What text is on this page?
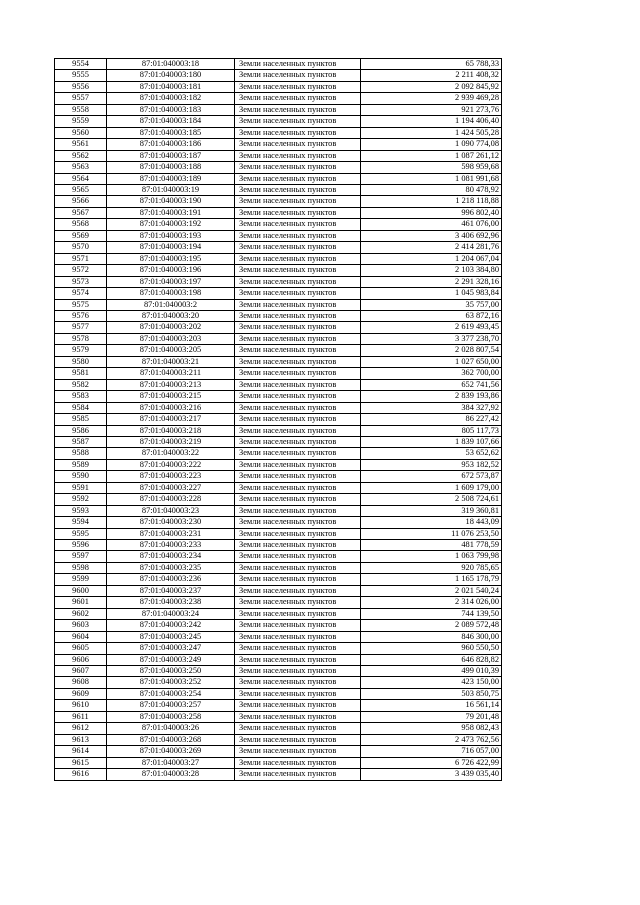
9554	87:01:040003:18	Земли населенных пунктов	65 788,33
9555	87:01:040003:180	Земли населенных пунктов	2 211 408,32
9556	87:01:040003:181	Земли населенных пунктов	2 092 845,92
9557	87:01:040003:182	Земли населенных пунктов	2 939 469,28
9558	87:01:040003:183	Земли населенных пунктов	921 273,76
9559	87:01:040003:184	Земли населенных пунктов	1 194 406,40
9560	87:01:040003:185	Земли населенных пунктов	1 424 505,28
9561	87:01:040003:186	Земли населенных пунктов	1 090 774,08
9562	87:01:040003:187	Земли населенных пунктов	1 087 261,12
9563	87:01:040003:188	Земли населенных пунктов	598 959,68
9564	87:01:040003:189	Земли населенных пунктов	1 081 991,68
9565	87:01:040003:19	Земли населенных пунктов	80 478,92
9566	87:01:040003:190	Земли населенных пунктов	1 218 118,88
9567	87:01:040003:191	Земли населенных пунктов	996 802,40
9568	87:01:040003:192	Земли населенных пунктов	461 076,00
9569	87:01:040003:193	Земли населенных пунктов	3 406 692,96
9570	87:01:040003:194	Земли населенных пунктов	2 414 281,76
9571	87:01:040003:195	Земли населенных пунктов	1 204 067,04
9572	87:01:040003:196	Земли населенных пунктов	2 103 384,80
9573	87:01:040003:197	Земли населенных пунктов	2 291 328,16
9574	87:01:040003:198	Земли населенных пунктов	1 045 983,84
9575	87:01:040003:2	Земли населенных пунктов	35 757,00
9576	87:01:040003:20	Земли населенных пунктов	63 872,16
9577	87:01:040003:202	Земли населенных пунктов	2 619 493,45
9578	87:01:040003:203	Земли населенных пунктов	3 377 238,70
9579	87:01:040003:205	Земли населенных пунктов	2 028 807,54
9580	87:01:040003:21	Земли населенных пунктов	1 027 650,00
9581	87:01:040003:211	Земли населенных пунктов	362 700,00
9582	87:01:040003:213	Земли населенных пунктов	652 741,56
9583	87:01:040003:215	Земли населенных пунктов	2 839 193,86
9584	87:01:040003:216	Земли населенных пунктов	384 327,92
9585	87:01:040003:217	Земли населенных пунктов	86 227,42
9586	87:01:040003:218	Земли населенных пунктов	805 117,73
9587	87:01:040003:219	Земли населенных пунктов	1 839 107,66
9588	87:01:040003:22	Земли населенных пунктов	53 652,62
9589	87:01:040003:222	Земли населенных пунктов	953 182,52
9590	87:01:040003:223	Земли населенных пунктов	672 573,87
9591	87:01:040003:227	Земли населенных пунктов	1 609 179,00
9592	87:01:040003:228	Земли населенных пунктов	2 508 724,61
9593	87:01:040003:23	Земли населенных пунктов	319 360,81
9594	87:01:040003:230	Земли населенных пунктов	18 443,09
9595	87:01:040003:231	Земли населенных пунктов	11 076 253,50
9596	87:01:040003:233	Земли населенных пунктов	481 778,59
9597	87:01:040003:234	Земли населенных пунктов	1 063 799,98
9598	87:01:040003:235	Земли населенных пунктов	920 785,65
9599	87:01:040003:236	Земли населенных пунктов	1 165 178,79
9600	87:01:040003:237	Земли населенных пунктов	2 021 540,24
9601	87:01:040003:238	Земли населенных пунктов	2 314 026,00
9602	87:01:040003:24	Земли населенных пунктов	744 139,50
9603	87:01:040003:242	Земли населенных пунктов	2 089 572,48
9604	87:01:040003:245	Земли населенных пунктов	846 300,00
9605	87:01:040003:247	Земли населенных пунктов	960 550,50
9606	87:01:040003:249	Земли населенных пунктов	646 828,82
9607	87:01:040003:250	Земли населенных пунктов	499 010,39
9608	87:01:040003:252	Земли населенных пунктов	423 150,00
9609	87:01:040003:254	Земли населенных пунктов	503 850,75
9610	87:01:040003:257	Земли населенных пунктов	16 561,14
9611	87:01:040003:258	Земли населенных пунктов	79 201,48
9612	87:01:040003:26	Земли населенных пунктов	958 082,43
9613	87:01:040003:268	Земли населенных пунктов	2 473 762,56
9614	87:01:040003:269	Земли населенных пунктов	716 057,00
9615	87:01:040003:27	Земли населенных пунктов	6 726 422,99
9616	87:01:040003:28	Земли населенных пунктов	3 439 035,40
